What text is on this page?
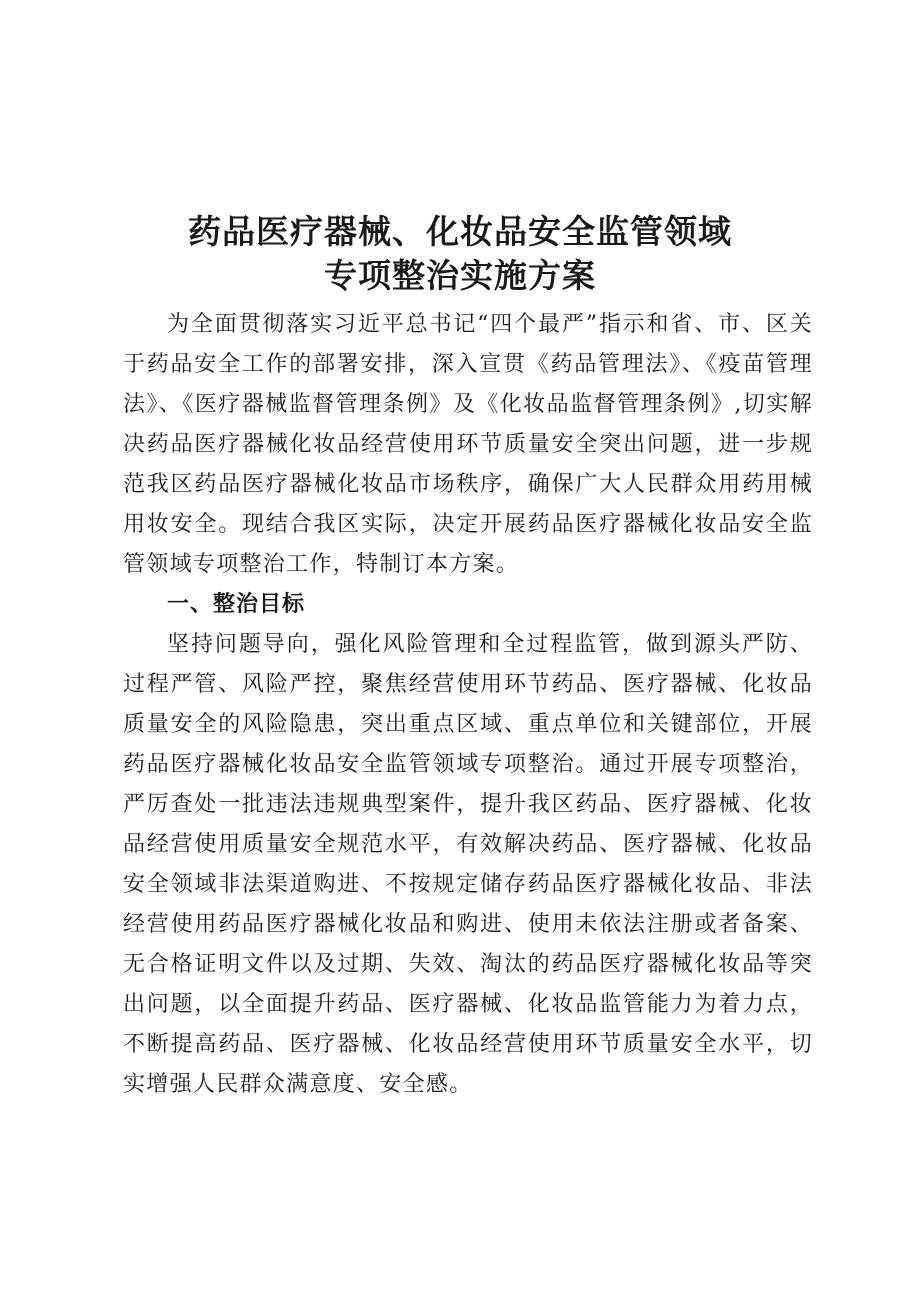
药品医疗器械、化妆品安全监管领域
专项整治实施方案

为全面贯彻落实习近平总书记“四个最严”指示和省、市、区关于药品安全工作的部署安排，深入宣贯《药品管理法》、《疫苗管理法》、《医疗器械监督管理条例》及《化妆品监督管理条例》,切实解决药品医疗器械化妆品经营使用环节质量安全突出问题，进一步规范我区药品医疗器械化妆品市场秩序，确保广大人民群众用药用械用妆安全。现结合我区实际，决定开展药品医疗器械化妆品安全监管领域专项整治工作，特制订本方案。

一、整治目标

坚持问题导向，强化风险管理和全过程监管，做到源头严防、过程严管、风险严控，聚焦经营使用环节药品、医疗器械、化妆品质量安全的风险隐患，突出重点区域、重点单位和关键部位，开展药品医疗器械化妆品安全监管领域专项整治。通过开展专项整治，严厉查处一批违法违规典型案件，提升我区药品、医疗器械、化妆品经营使用质量安全规范水平，有效解决药品、医疗器械、化妆品安全领域非法渠道购进、不按规定储存药品医疗器械化妆品、非法经营使用药品医疗器械化妆品和购进、使用未依法注册或者备案、无合格证明文件以及过期、失效、淘汰的药品医疗器械化妆品等突出问题，以全面提升药品、医疗器械、化妆品监管能力为着力点，不断提高药品、医疗器械、化妆品经营使用环节质量安全水平，切实增强人民群众满意度、安全感。
